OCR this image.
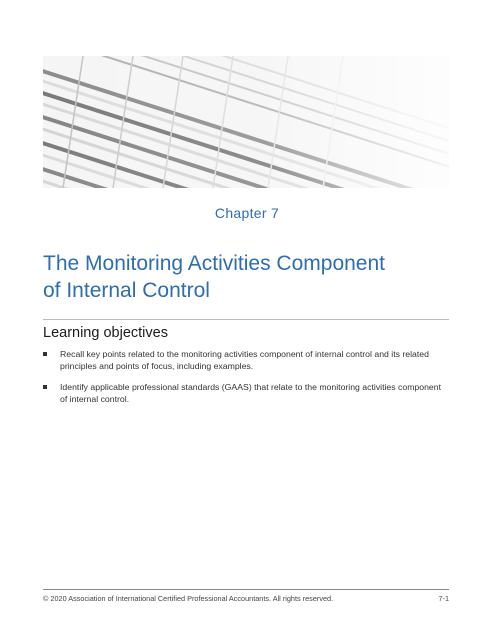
Chapter 7
The Monitoring Activities Component
of Internal Control
Learning objectives
Recall key points related to the monitoring activities component of internal control and its related
principles and points of focus, including examples.
Identify applicable professional standards (GAAS) that relate to the monitoring activities component
of internal control.
© 2020 Association of International Certified Professional Accountants. All rights reserved.	7-1
